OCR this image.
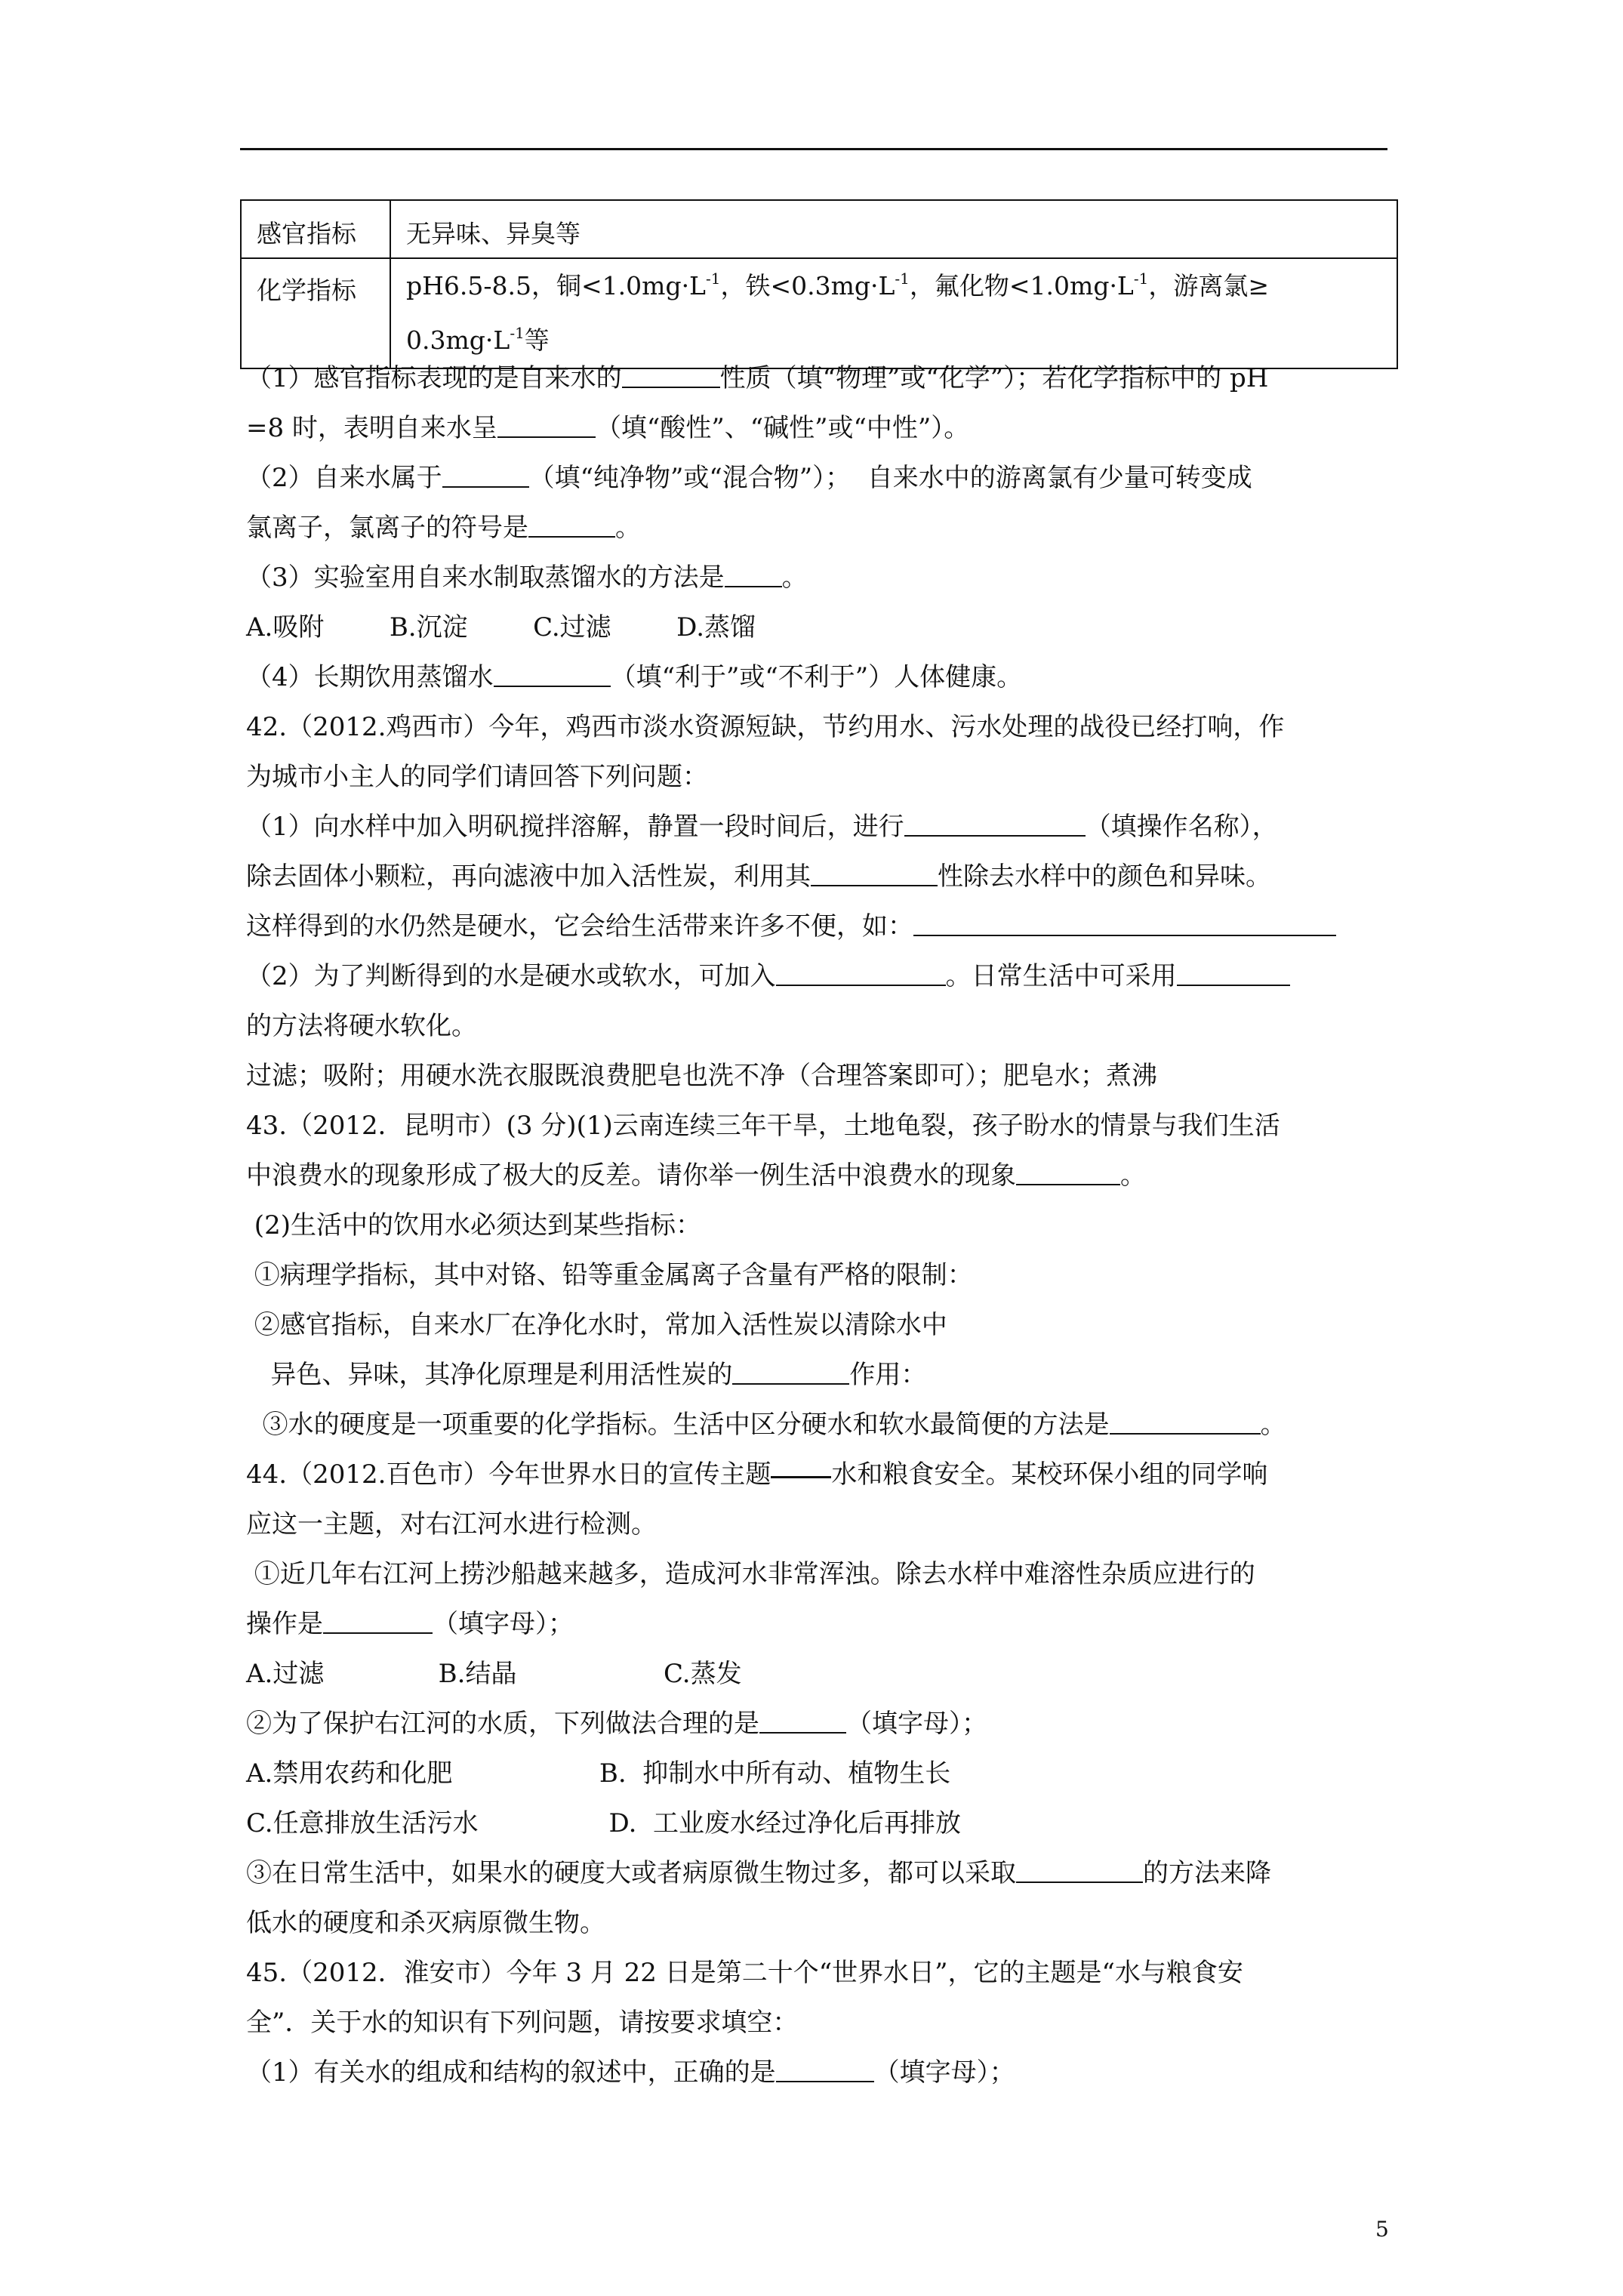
感官指标	无异味、异臭等
化学指标	pH6.5-8.5，铜$<1.0mg\cdot L^{-1}$，铁$<0.3mg\cdot L^{-1}$，氟化物$<1.0mg\cdot L^{-1}$，游离氯≥
$0.3mg\cdot L^{-1}$等
（1）感官指标表现的是自来水的	性质（填“物理”或“化学”）；若化学指标中的 pH
=8 时，表明自来水呈	（填“酸性”、“碱性”或“中性”）。
（2）自来水属于	（填“纯净物”或“混合物”）；  自来水中的游离氯有少量可转变成
氯离子，氯离子的符号是	。
（3）实验室用自来水制取蒸馏水的方法是 。
A.吸附        B.沉淀        C.过滤        D.蒸馏
（4）长期饮用蒸馏水	（填“利于”或“不利于”）人体健康。
42.（2012.鸡西市）今年，鸡西市淡水资源短缺，节约用水、污水处理的战役已经打响，作
为城市小主人的同学们请回答下列问题：
（1）向水样中加入明矾搅拌溶解，静置一段时间后，进行	（填操作名称），
除去固体小颗粒，再向滤液中加入活性炭，利用其	性除去水样中的颜色和异味。
这样得到的水仍然是硬水，它会给生活带来许多不便，如：
（2）为了判断得到的水是硬水或软水，可加入	。日常生活中可采用
的方法将硬水软化。
过滤；吸附；用硬水洗衣服既浪费肥皂也洗不净（合理答案即可）；肥皂水；煮沸
43.（2012．昆明市）(3 分)(1)云南连续三年干旱，土地龟裂，孩子盼水的情景与我们生活
中浪费水的现象形成了极大的反差。请你举一例生活中浪费水的现象	。
(2)生活中的饮用水必须达到某些指标：
①病理学指标，其中对铬、铅等重金属离子含量有严格的限制：
②感官指标，自来水厂在净化水时，常加入活性炭以清除水中
异色、异味，其净化原理是利用活性炭的	作用：
③水的硬度是一项重要的化学指标。生活中区分硬水和软水最简便的方法是	。
44.（2012.百色市）今年世界水日的宣传主题 水和粮食安全。某校环保小组的同学响
应这一主题，对右江河水进行检测。
①近几年右江河上捞沙船越来越多，造成河水非常浑浊。除去水样中难溶性杂质应进行的
操作是	（填字母）；
A.过滤              B.结晶                  C.蒸发
②为了保护右江河的水质，下列做法合理的是	（填字母）；
A.禁用农药和化肥                  B.  抑制水中所有动、植物生长
C.任意排放生活污水                D.  工业废水经过净化后再排放
③在日常生活中，如果水的硬度大或者病原微生物过多，都可以采取	的方法来降
低水的硬度和杀灭病原微生物。
45.（2012．淮安市）今年 3 月 22 日是第二十个“世界水日”，它的主题是“水与粮食安
全”．关于水的知识有下列问题，请按要求填空：
（1）有关水的组成和结构的叙述中，正确的是	（填字母）；
5
